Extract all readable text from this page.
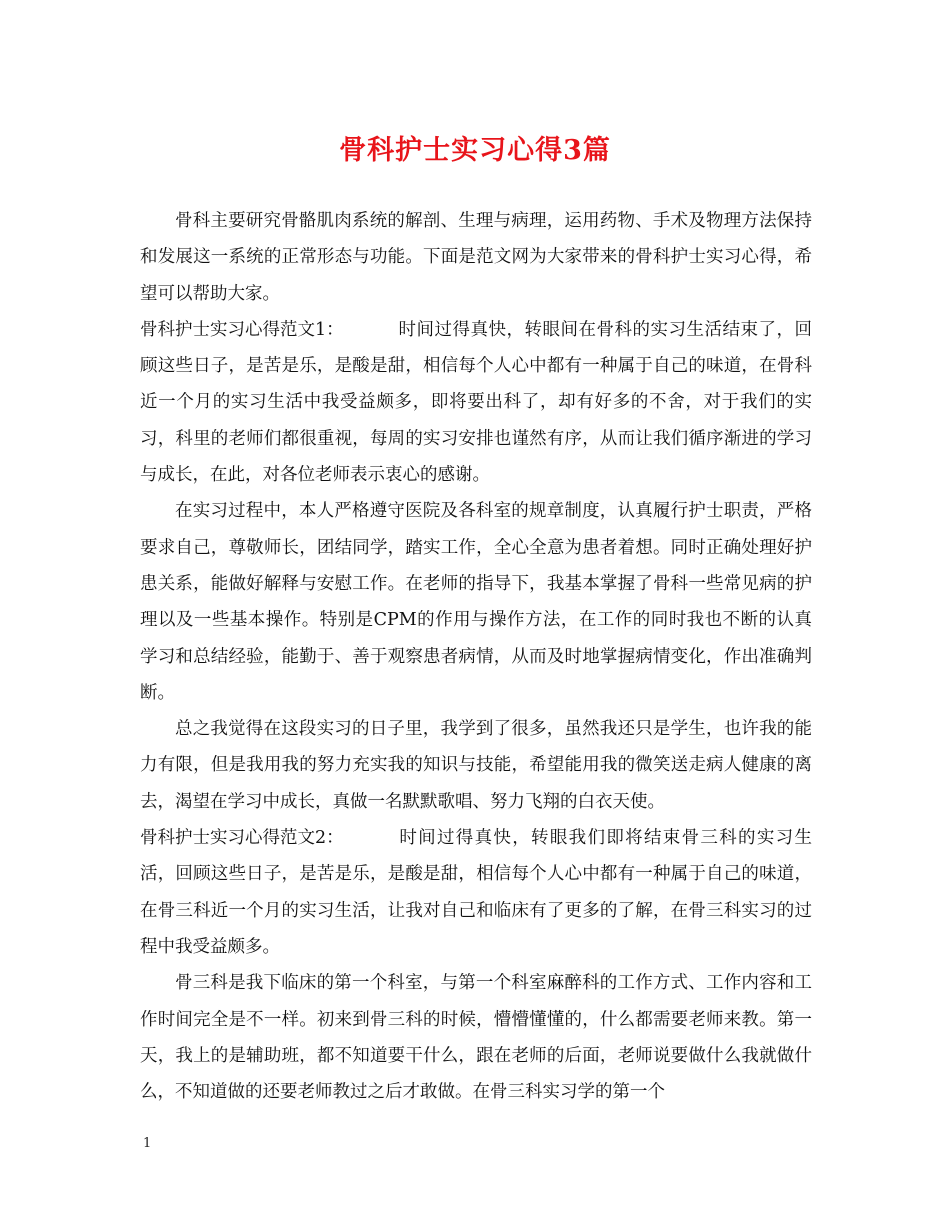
骨科护士实习心得3篇

骨科主要研究骨骼肌肉系统的解剖、生理与病理，运用药物、手术及物理方法保持和发展这一系统的正常形态与功能。下面是范文网为大家带来的骨科护士实习心得，希望可以帮助大家。

骨科护士实习心得范文1：	时间过得真快，转眼间在骨科的实习生活结束了，回顾这些日子，是苦是乐，是酸是甜，相信每个人心中都有一种属于自己的味道，在骨科近一个月的实习生活中我受益颇多，即将要出科了，却有好多的不舍，对于我们的实习，科里的老师们都很重视，每周的实习安排也谨然有序，从而让我们循序渐进的学习与成长，在此，对各位老师表示衷心的感谢。

在实习过程中，本人严格遵守医院及各科室的规章制度，认真履行护士职责，严格要求自己，尊敬师长，团结同学，踏实工作，全心全意为患者着想。同时正确处理好护患关系，能做好解释与安慰工作。在老师的指导下，我基本掌握了骨科一些常见病的护理以及一些基本操作。特别是CPM的作用与操作方法，在工作的同时我也不断的认真学习和总结经验，能勤于、善于观察患者病情，从而及时地掌握病情变化，作出准确判断。

总之我觉得在这段实习的日子里，我学到了很多，虽然我还只是学生，也许我的能力有限，但是我用我的努力充实我的知识与技能，希望能用我的微笑送走病人健康的离去，渴望在学习中成长，真做一名默默歌唱、努力飞翔的白衣天使。

骨科护士实习心得范文2：	时间过得真快，转眼我们即将结束骨三科的实习生活，回顾这些日子，是苦是乐，是酸是甜，相信每个人心中都有一种属于自己的味道，在骨三科近一个月的实习生活，让我对自己和临床有了更多的了解，在骨三科实习的过程中我受益颇多。

骨三科是我下临床的第一个科室，与第一个科室麻醉科的工作方式、工作内容和工作时间完全是不一样。初来到骨三科的时候，懵懵懂懂的，什么都需要老师来教。第一天，我上的是辅助班，都不知道要干什么，跟在老师的后面，老师说要做什么我就做什么，不知道做的还要老师教过之后才敢做。在骨三科实习学的第一个

1
